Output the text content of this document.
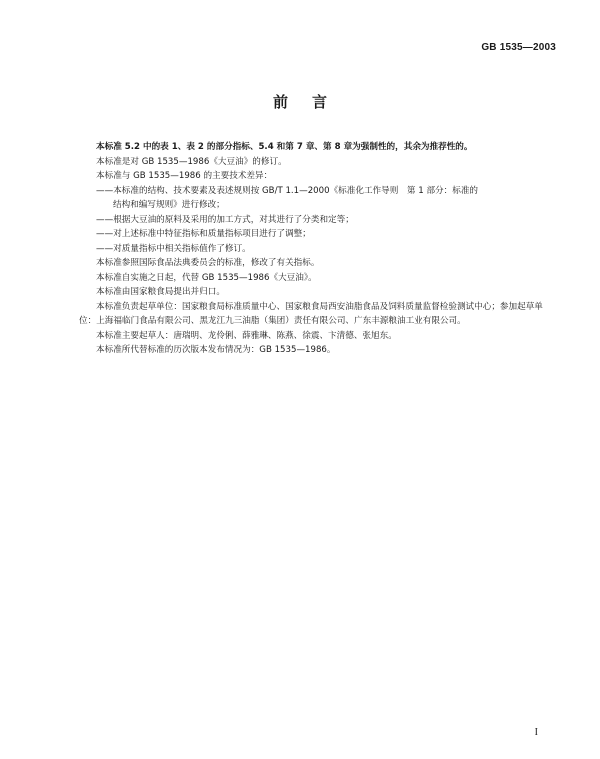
GB 1535—2003
前言

本标准 5.2 中的表 1、表 2 的部分指标、5.4 和第 7 章、第 8 章为强制性的，其余为推荐性的。

本标准是对 GB 1535—1986《大豆油》的修订。

本标准与 GB 1535—1986 的主要技术差异：

——本标准的结构、技术要素及表述规则按 GB/T 1.1—2000《标准化工作导则　第 1 部分：标准的

结构和编写规则》进行修改；

——根据大豆油的原料及采用的加工方式，对其进行了分类和定等；

——对上述标准中特征指标和质量指标项目进行了调整；

——对质量指标中相关指标值作了修订。

本标准参照国际食品法典委员会的标准，修改了有关指标。

本标准自实施之日起，代替 GB 1535—1986《大豆油》。

本标准由国家粮食局提出并归口。

本标准负责起草单位：国家粮食局标准质量中心、国家粮食局西安油脂食品及饲料质量监督检验测试中心；参加起草单位：上海福临门食品有限公司、黑龙江九三油脂（集团）责任有限公司、广东丰源粮油工业有限公司。

本标准主要起草人：唐瑞明、龙伶俐、薛雅琳、陈燕、徐震、卞清德、张旭东。

本标准所代替标准的历次版本发布情况为：GB 1535—1986。

I
